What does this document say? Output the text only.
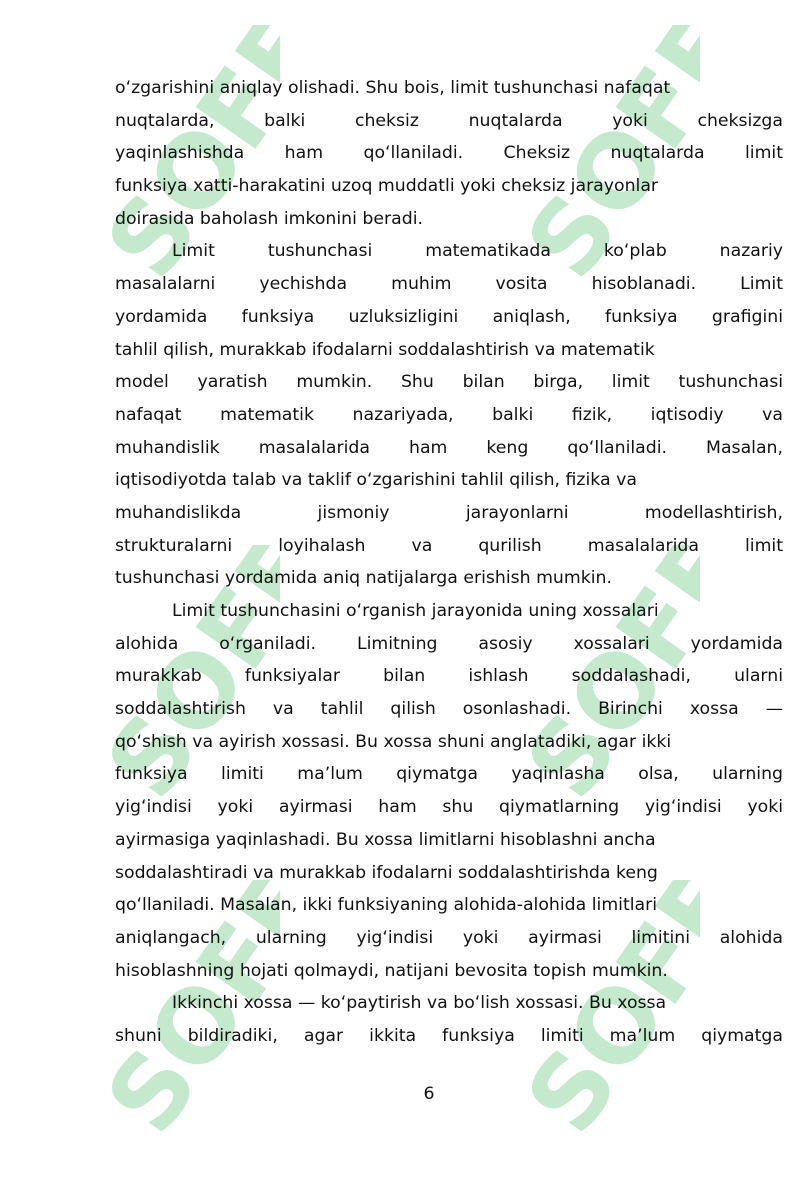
oʻzgarishini aniqlay olishadi. Shu bois, limit tushunchasi nafaqat
nuqtalarda, balki cheksiz nuqtalarda yoki cheksizga
yaqinlashishda ham qoʻllaniladi. Cheksiz nuqtalarda limit
funksiya xatti-harakatini uzoq muddatli yoki cheksiz jarayonlar
doirasida baholash imkonini beradi.
Limit tushunchasi matematikada koʻplab nazariy
masalalarni yechishda muhim vosita hisoblanadi. Limit
yordamida funksiya uzluksizligini aniqlash, funksiya grafigini
tahlil qilish, murakkab ifodalarni soddalashtirish va matematik
model yaratish mumkin. Shu bilan birga, limit tushunchasi
nafaqat matematik nazariyada, balki fizik, iqtisodiy va
muhandislik masalalarida ham keng qoʻllaniladi. Masalan,
iqtisodiyotda talab va taklif oʻzgarishini tahlil qilish, fizika va
muhandislikda jismoniy jarayonlarni modellashtirish,
strukturalarni loyihalash va qurilish masalalarida limit
tushunchasi yordamida aniq natijalarga erishish mumkin.
Limit tushunchasini oʻrganish jarayonida uning xossalari
alohida oʻrganiladi. Limitning asosiy xossalari yordamida
murakkab funksiyalar bilan ishlash soddalashadi, ularni
soddalashtirish va tahlil qilish osonlashadi. Birinchi xossa —
qoʻshish va ayirish xossasi. Bu xossa shuni anglatadiki, agar ikki
funksiya limiti maʼlum qiymatga yaqinlasha olsa, ularning
yigʻindisi yoki ayirmasi ham shu qiymatlarning yigʻindisi yoki
ayirmasiga yaqinlashadi. Bu xossa limitlarni hisoblashni ancha
soddalashtiradi va murakkab ifodalarni soddalashtirishda keng
qoʻllaniladi. Masalan, ikki funksiyaning alohida-alohida limitlari
aniqlangach, ularning yigʻindisi yoki ayirmasi limitini alohida
hisoblashning hojati qolmaydi, natijani bevosita topish mumkin.
Ikkinchi xossa — koʻpaytirish va boʻlish xossasi. Bu xossa
shuni bildiradiki, agar ikkita funksiya limiti maʼlum qiymatga
6
